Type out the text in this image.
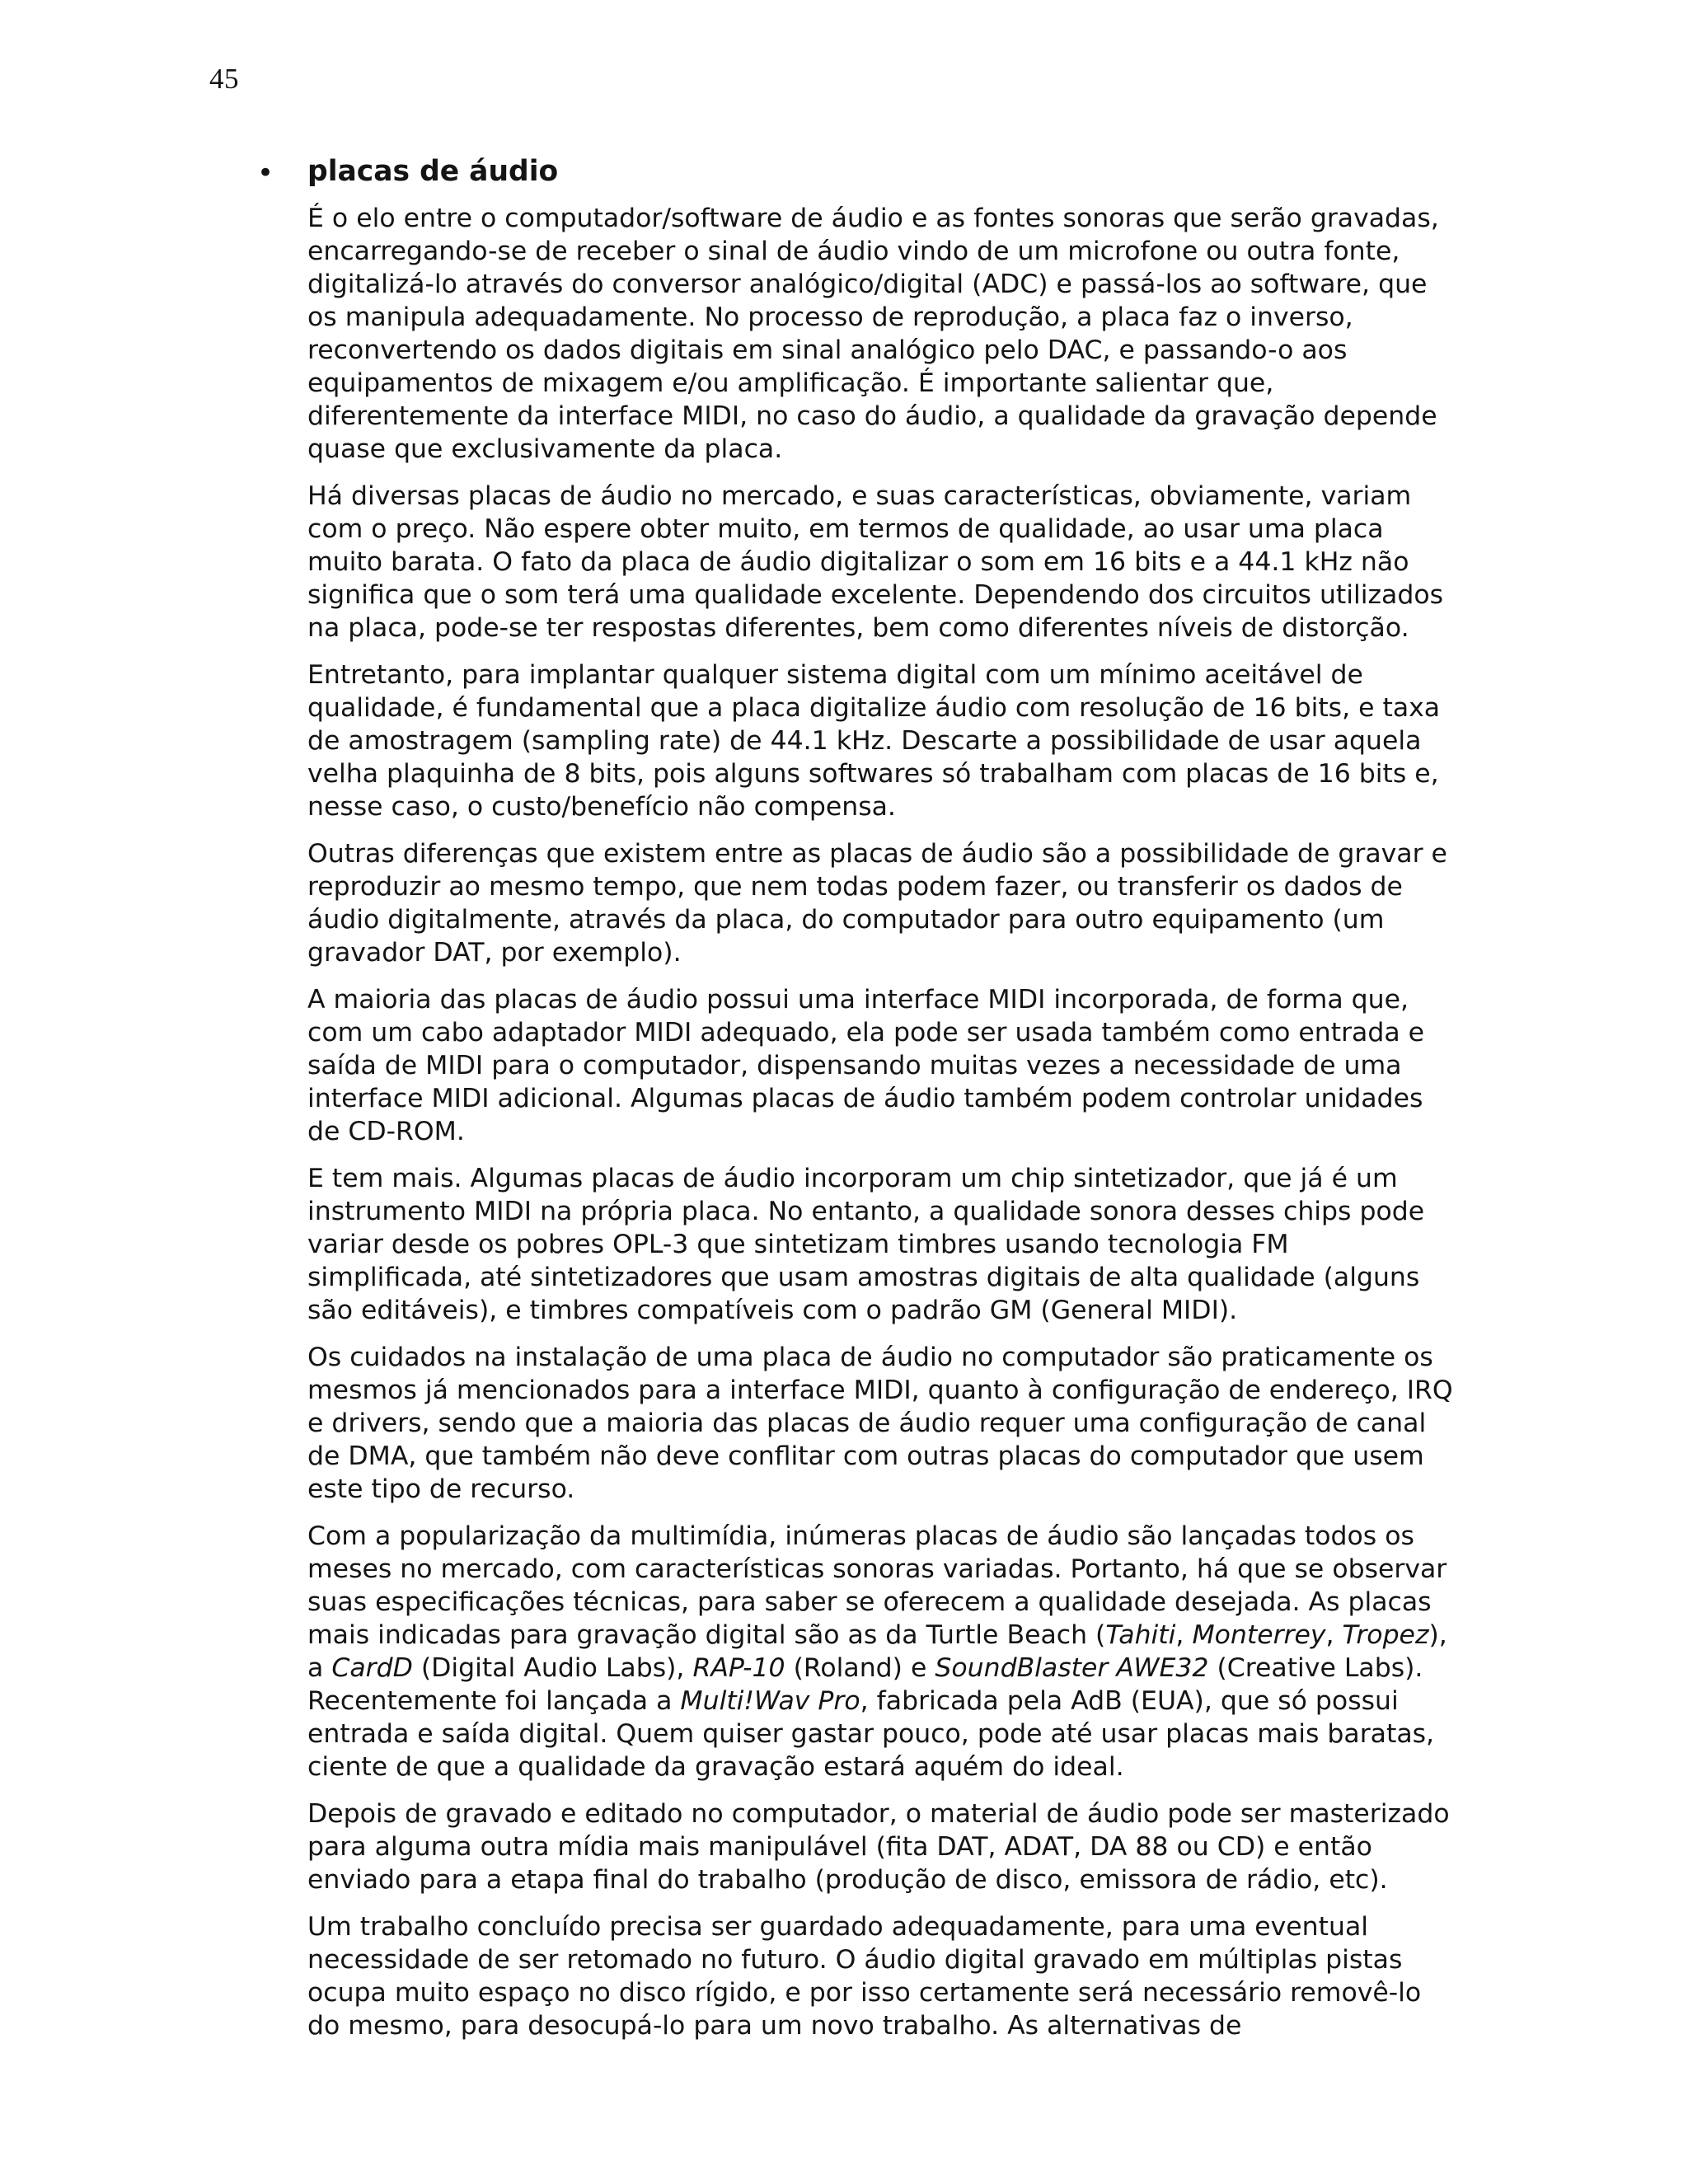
45
• placas de áudio
É o elo entre o computador/software de áudio e as fontes sonoras que serão gravadas,
encarregando-se de receber o sinal de áudio vindo de um microfone ou outra fonte,
digitalizá-lo através do conversor analógico/digital (ADC) e passá-los ao software, que
os manipula adequadamente. No processo de reprodução, a placa faz o inverso,
reconvertendo os dados digitais em sinal analógico pelo DAC, e passando-o aos
equipamentos de mixagem e/ou amplificação. É importante salientar que,
diferentemente da interface MIDI, no caso do áudio, a qualidade da gravação depende
quase que exclusivamente da placa.
Há diversas placas de áudio no mercado, e suas características, obviamente, variam
com o preço. Não espere obter muito, em termos de qualidade, ao usar uma placa
muito barata. O fato da placa de áudio digitalizar o som em 16 bits e a 44.1 kHz não
significa que o som terá uma qualidade excelente. Dependendo dos circuitos utilizados
na placa, pode-se ter respostas diferentes, bem como diferentes níveis de distorção.
Entretanto, para implantar qualquer sistema digital com um mínimo aceitável de
qualidade, é fundamental que a placa digitalize áudio com resolução de 16 bits, e taxa
de amostragem (sampling rate) de 44.1 kHz. Descarte a possibilidade de usar aquela
velha plaquinha de 8 bits, pois alguns softwares só trabalham com placas de 16 bits e,
nesse caso, o custo/benefício não compensa.
Outras diferenças que existem entre as placas de áudio são a possibilidade de gravar e
reproduzir ao mesmo tempo, que nem todas podem fazer, ou transferir os dados de
áudio digitalmente, através da placa, do computador para outro equipamento (um
gravador DAT, por exemplo).
A maioria das placas de áudio possui uma interface MIDI incorporada, de forma que,
com um cabo adaptador MIDI adequado, ela pode ser usada também como entrada e
saída de MIDI para o computador, dispensando muitas vezes a necessidade de uma
interface MIDI adicional. Algumas placas de áudio também podem controlar unidades
de CD-ROM.
E tem mais. Algumas placas de áudio incorporam um chip sintetizador, que já é um
instrumento MIDI na própria placa. No entanto, a qualidade sonora desses chips pode
variar desde os pobres OPL-3 que sintetizam timbres usando tecnologia FM
simplificada, até sintetizadores que usam amostras digitais de alta qualidade (alguns
são editáveis), e timbres compatíveis com o padrão GM (General MIDI).
Os cuidados na instalação de uma placa de áudio no computador são praticamente os
mesmos já mencionados para a interface MIDI, quanto à configuração de endereço, IRQ
e drivers, sendo que a maioria das placas de áudio requer uma configuração de canal
de DMA, que também não deve conflitar com outras placas do computador que usem
este tipo de recurso.
Com a popularização da multimídia, inúmeras placas de áudio são lançadas todos os
meses no mercado, com características sonoras variadas. Portanto, há que se observar
suas especificações técnicas, para saber se oferecem a qualidade desejada. As placas
mais indicadas para gravação digital são as da Turtle Beach (Tahiti, Monterrey, Tropez),
a CardD (Digital Audio Labs), RAP-10 (Roland) e SoundBlaster AWE32 (Creative Labs).
Recentemente foi lançada a Multi!Wav Pro, fabricada pela AdB (EUA), que só possui
entrada e saída digital. Quem quiser gastar pouco, pode até usar placas mais baratas,
ciente de que a qualidade da gravação estará aquém do ideal.
Depois de gravado e editado no computador, o material de áudio pode ser masterizado
para alguma outra mídia mais manipulável (fita DAT, ADAT, DA 88 ou CD) e então
enviado para a etapa final do trabalho (produção de disco, emissora de rádio, etc).
Um trabalho concluído precisa ser guardado adequadamente, para uma eventual
necessidade de ser retomado no futuro. O áudio digital gravado em múltiplas pistas
ocupa muito espaço no disco rígido, e por isso certamente será necessário removê-lo
do mesmo, para desocupá-lo para um novo trabalho. As alternativas de
